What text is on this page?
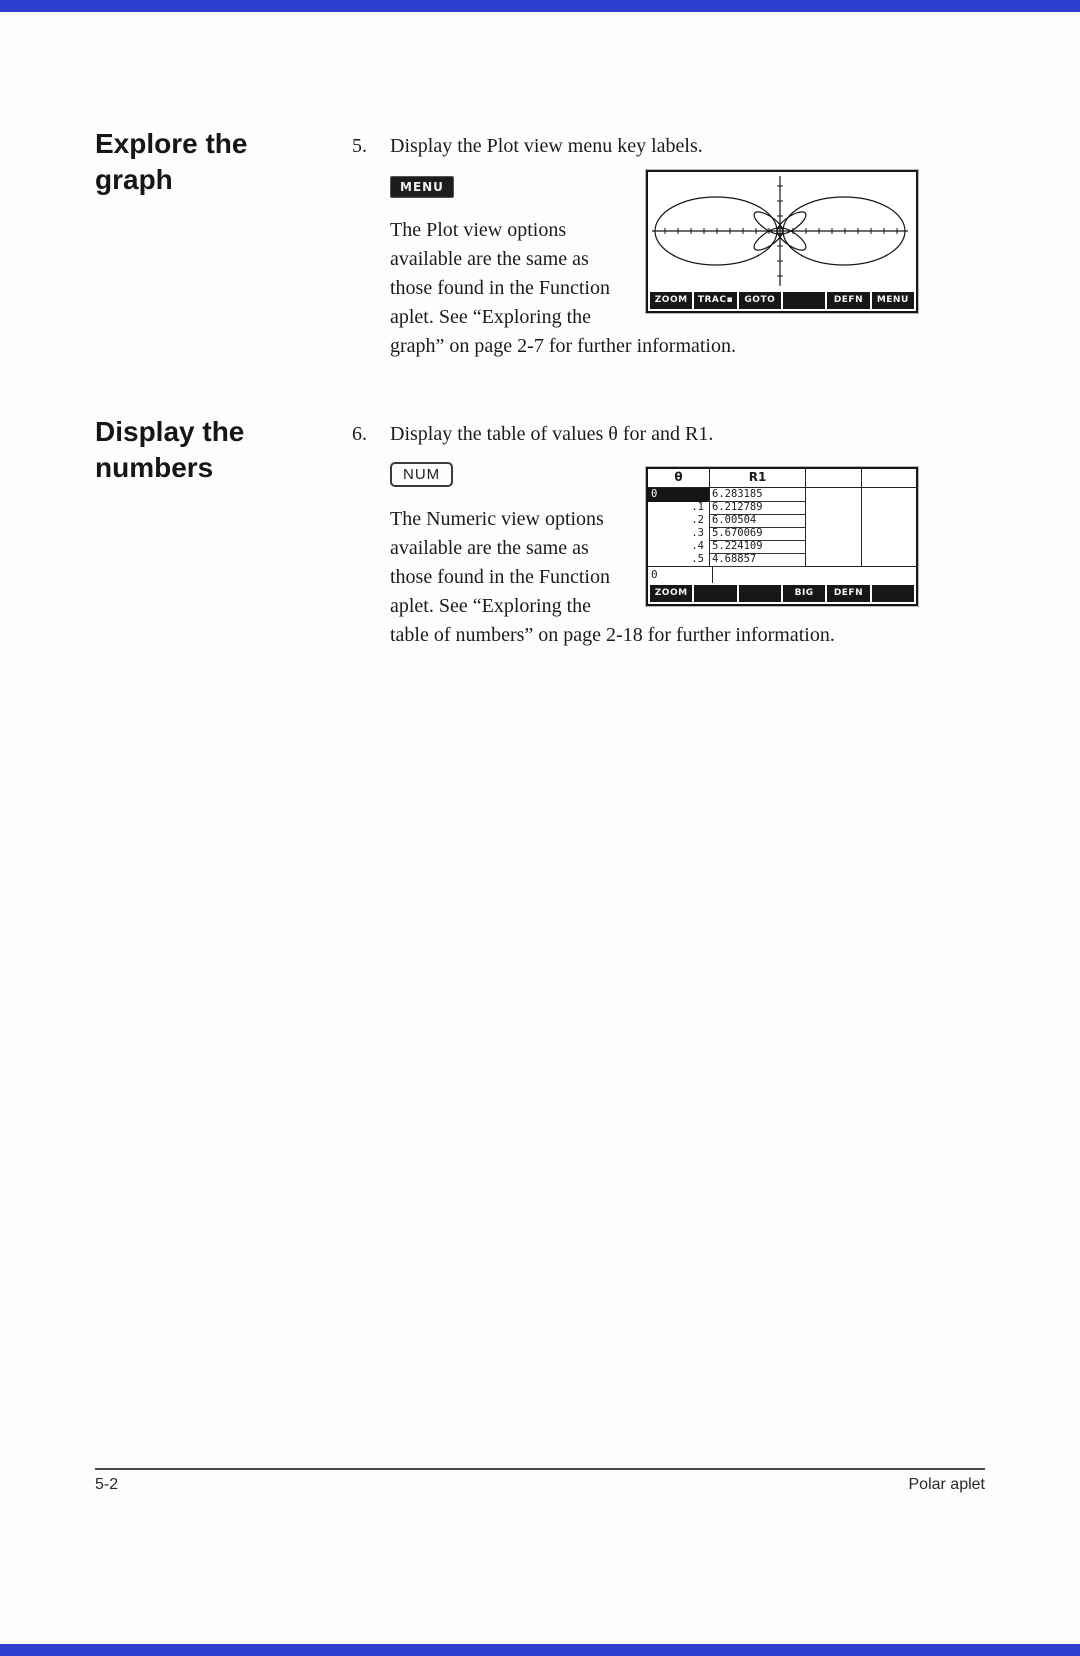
Explore the
graph
5.	Display the Plot view menu key labels.
MENU
ZOOM	TRAC▪	GOTO	DEFN	MENU
The Plot view options available are the same as those found in the Function aplet. See “Exploring the graph” on page 2-7 for further information.
Display the
numbers
6.	Display the table of values θ for and R1.
NUM	θ	R1
0	6.283185
.1 6.212789
.2 6.00504
.3 5.670069
.4 5.224109
.5 4.68857
0
ZOOM	BIG	DEFN
The Numeric view options available are the same as those found in the Function aplet. See “Exploring the table of numbers” on page 2-18 for further information.
5-2	Polar aplet
